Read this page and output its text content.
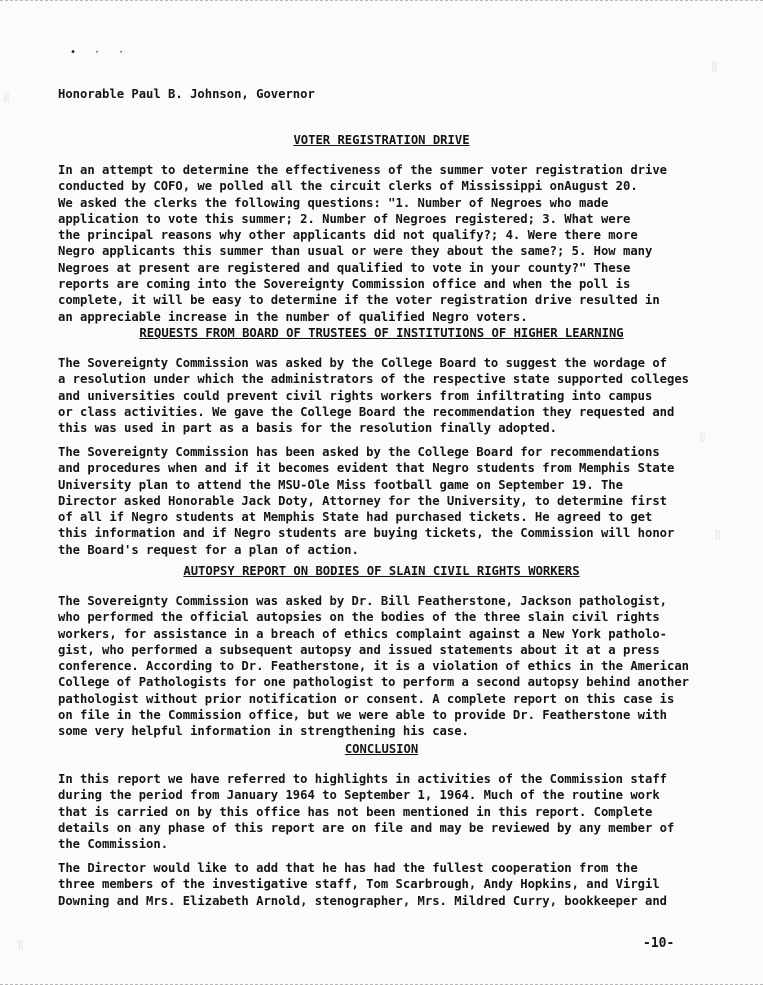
• · ·
Honorable Paul B. Johnson, Governor
VOTER REGISTRATION DRIVE
In an attempt to determine the effectiveness of the summer voter registration drive
conducted by COFO, we polled all the circuit clerks of Mississippi onAugust 20.
We asked the clerks the following questions: "1. Number of Negroes who made
application to vote this summer; 2. Number of Negroes registered; 3. What were
the principal reasons why other applicants did not qualify?; 4. Were there more
Negro applicants this summer than usual or were they about the same?; 5. How many
Negroes at present are registered and qualified to vote in your county?" These
reports are coming into the Sovereignty Commission office and when the poll is
complete, it will be easy to determine if the voter registration drive resulted in
an appreciable increase in the number of qualified Negro voters.
REQUESTS FROM BOARD OF TRUSTEES OF INSTITUTIONS OF HIGHER LEARNING
The Sovereignty Commission was asked by the College Board to suggest the wordage of
a resolution under which the administrators of the respective state supported colleges
and universities could prevent civil rights workers from infiltrating into campus
or class activities. We gave the College Board the recommendation they requested and
this was used in part as a basis for the resolution finally adopted.
The Sovereignty Commission has been asked by the College Board for recommendations
and procedures when and if it becomes evident that Negro students from Memphis State
University plan to attend the MSU-Ole Miss football game on September 19. The
Director asked Honorable Jack Doty, Attorney for the University, to determine first
of all if Negro students at Memphis State had purchased tickets. He agreed to get
this information and if Negro students are buying tickets, the Commission will honor
the Board's request for a plan of action.
AUTOPSY REPORT ON BODIES OF SLAIN CIVIL RIGHTS WORKERS
The Sovereignty Commission was asked by Dr. Bill Featherstone, Jackson pathologist,
who performed the official autopsies on the bodies of the three slain civil rights
workers, for assistance in a breach of ethics complaint against a New York patholo-
gist, who performed a subsequent autopsy and issued statements about it at a press
conference. According to Dr. Featherstone, it is a violation of ethics in the American
College of Pathologists for one pathologist to perform a second autopsy behind another
pathologist without prior notification or consent. A complete report on this case is
on file in the Commission office, but we were able to provide Dr. Featherstone with
some very helpful information in strengthening his case.
CONCLUSION
In this report we have referred to highlights in activities of the Commission staff
during the period from January 1964 to September 1, 1964. Much of the routine work
that is carried on by this office has not been mentioned in this report. Complete
details on any phase of this report are on file and may be reviewed by any member of
the Commission.
The Director would like to add that he has had the fullest cooperation from the
three members of the investigative staff, Tom Scarbrough, Andy Hopkins, and Virgil
Downing and Mrs. Elizabeth Arnold, stenographer, Mrs. Mildred Curry, bookkeeper and
-10-
░
░
░
░
░
